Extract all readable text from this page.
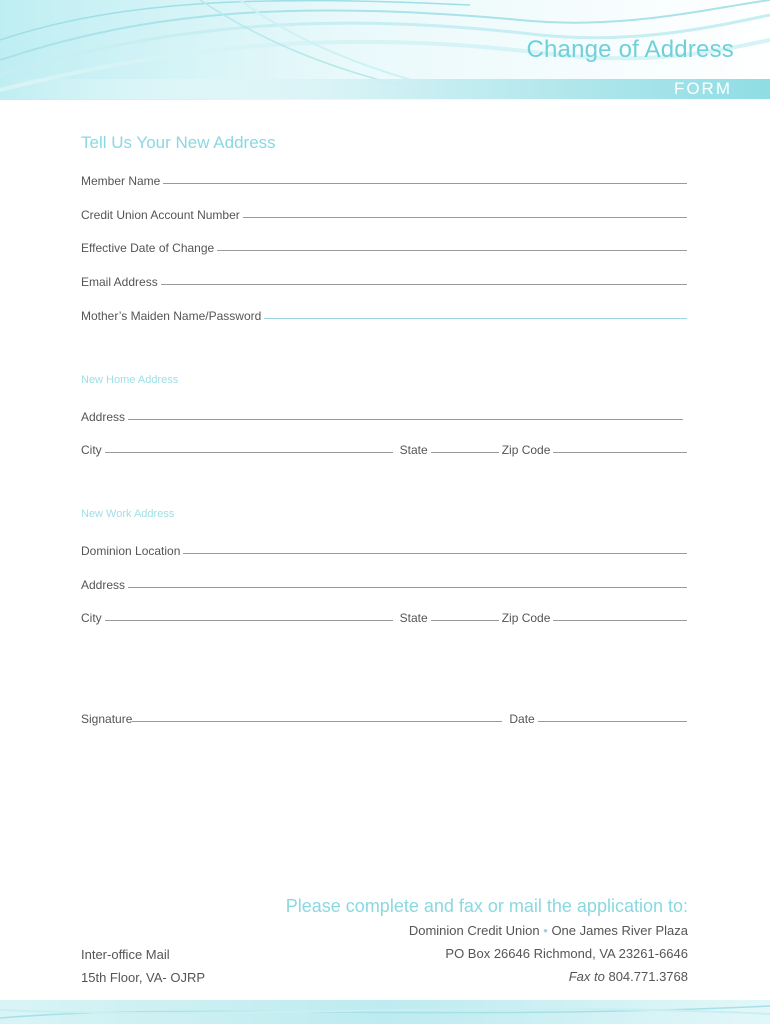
Change of Address
FORM
Tell Us Your New Address
Member Name
Credit Union Account Number
Effective Date of Change
Email Address
Mother’s Maiden Name/Password
New Home Address
Address
City	State	Zip Code
New Work Address
Dominion Location
Address
City	State	Zip Code
Signature	Date
Please complete and fax or mail the application to:
Dominion Credit Union • One James River Plaza
PO Box 26646 Richmond, VA 23261-6646
Fax to 804.771.3768
Inter-office Mail
15th Floor, VA- OJRP
